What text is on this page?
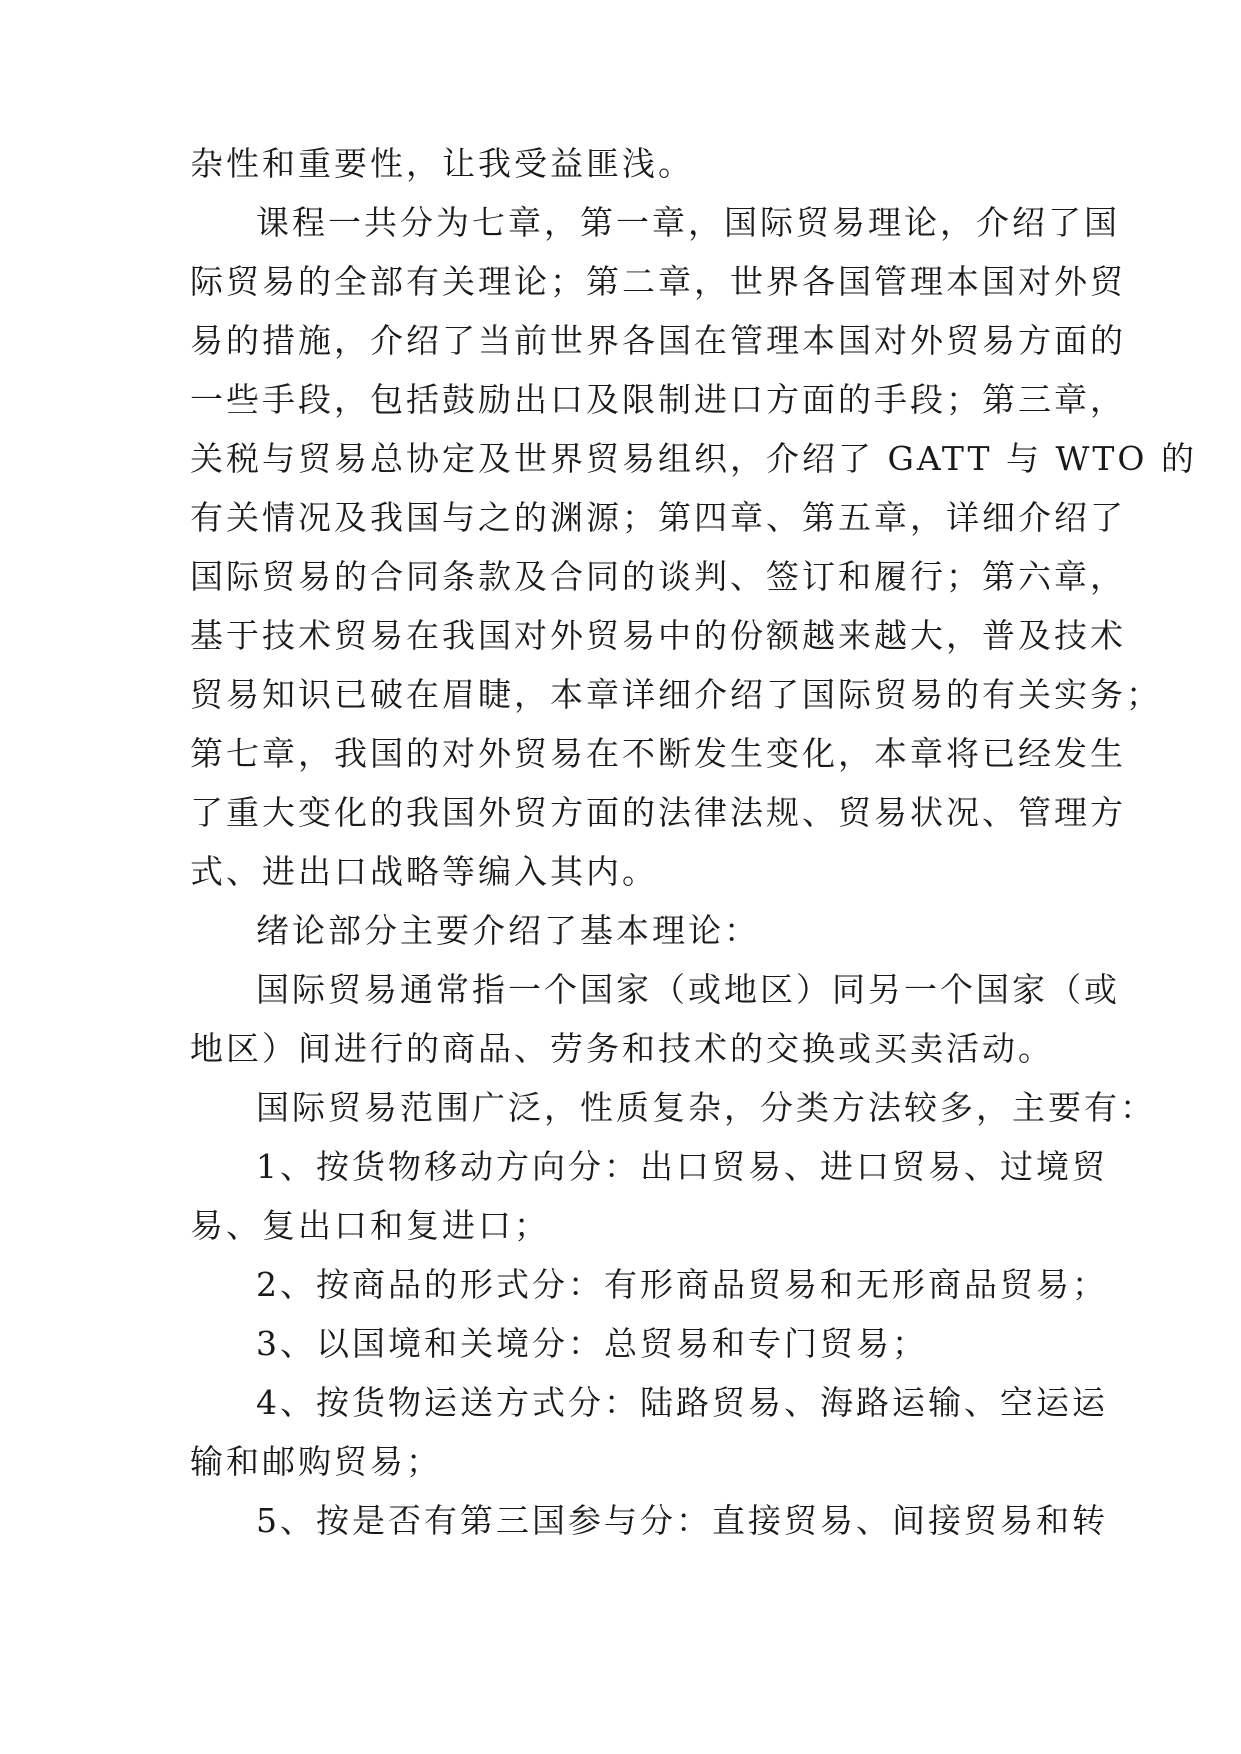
杂性和重要性，让我受益匪浅。
课程一共分为七章，第一章，国际贸易理论，介绍了国
际贸易的全部有关理论；第二章，世界各国管理本国对外贸
易的措施，介绍了当前世界各国在管理本国对外贸易方面的
一些手段，包括鼓励出口及限制进口方面的手段；第三章，
关税与贸易总协定及世界贸易组织，介绍了 GATT 与 WTO 的
有关情况及我国与之的渊源；第四章、第五章，详细介绍了
国际贸易的合同条款及合同的谈判、签订和履行；第六章，
基于技术贸易在我国对外贸易中的份额越来越大，普及技术
贸易知识已破在眉睫，本章详细介绍了国际贸易的有关实务；
第七章，我国的对外贸易在不断发生变化，本章将已经发生
了重大变化的我国外贸方面的法律法规、贸易状况、管理方
式、进出口战略等编入其内。
绪论部分主要介绍了基本理论：
国际贸易通常指一个国家（或地区）同另一个国家（或
地区）间进行的商品、劳务和技术的交换或买卖活动。
国际贸易范围广泛，性质复杂，分类方法较多，主要有：
1、按货物移动方向分：出口贸易、进口贸易、过境贸
易、复出口和复进口；
2、按商品的形式分：有形商品贸易和无形商品贸易；
3、以国境和关境分：总贸易和专门贸易；
4、按货物运送方式分：陆路贸易、海路运输、空运运
输和邮购贸易；
5、按是否有第三国参与分：直接贸易、间接贸易和转
